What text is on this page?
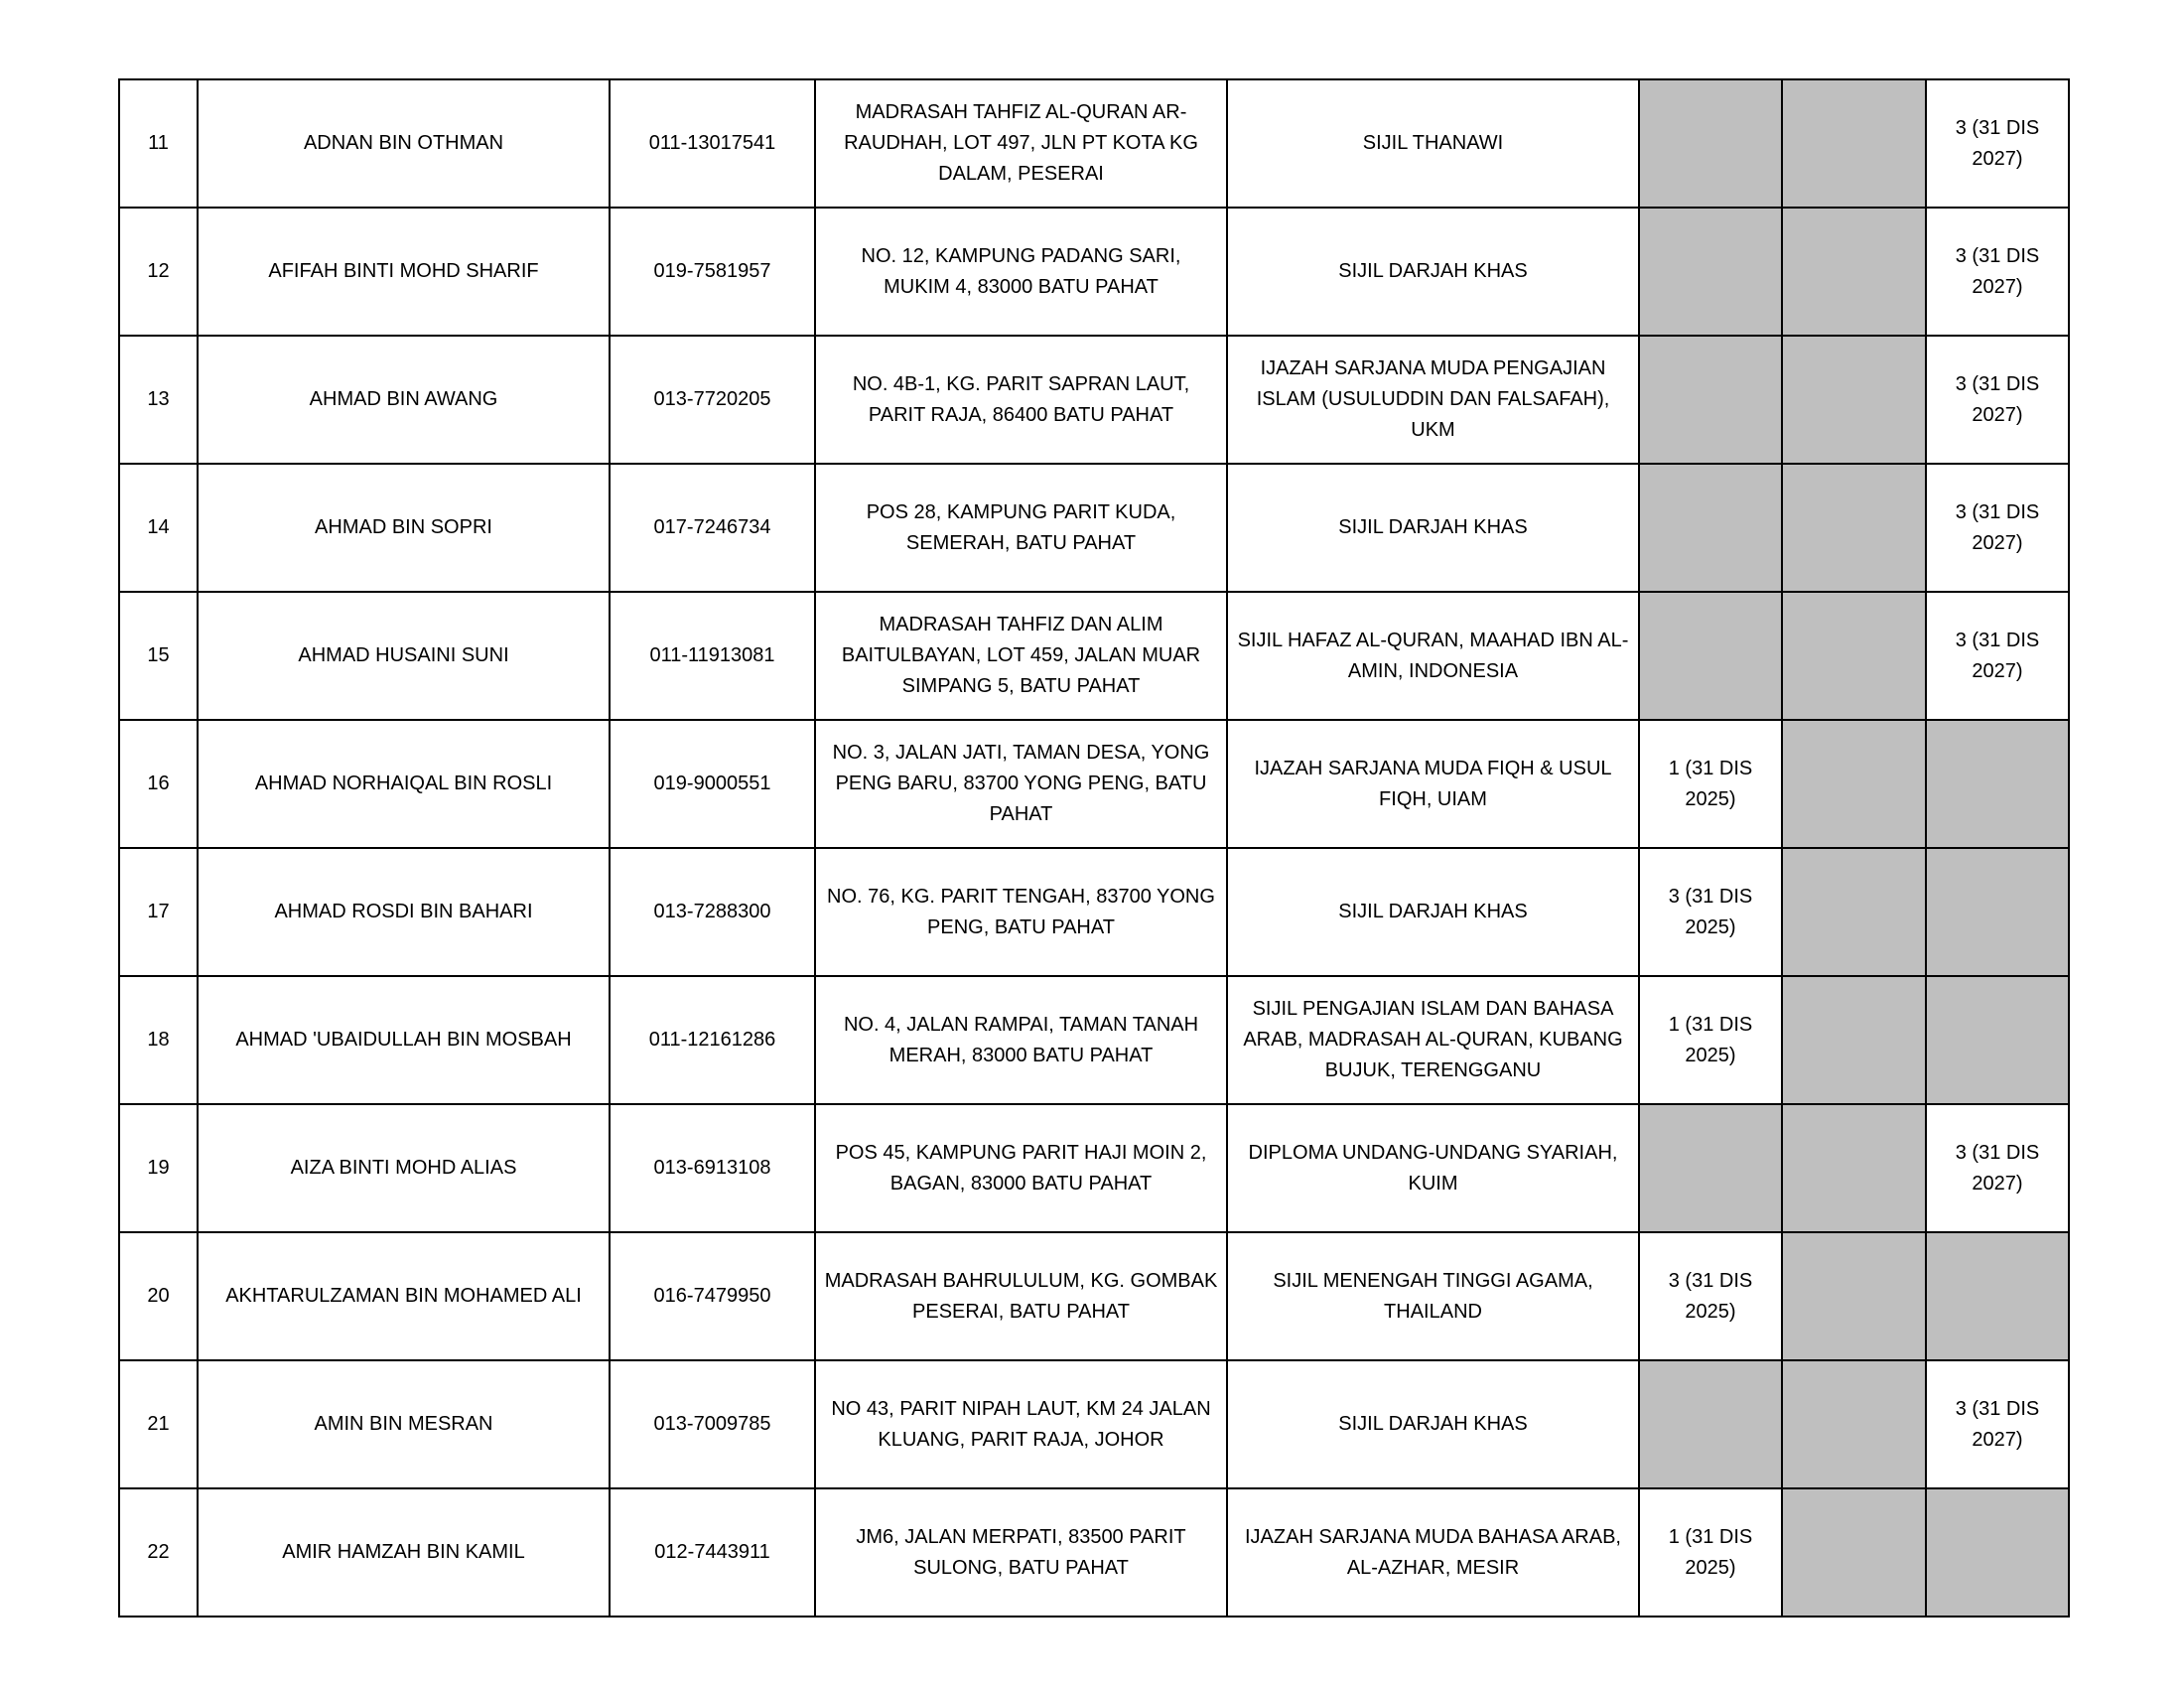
11	ADNAN BIN OTHMAN	011-13017541	MADRASAH TAHFIZ AL-QURAN AR-
RAUDHAH, LOT 497, JLN PT KOTA KG
DALAM, PESERAI	SIJIL THANAWI			3 (31 DIS
2027)

12	AFIFAH BINTI MOHD SHARIF	019-7581957	NO. 12, KAMPUNG PADANG SARI,
MUKIM 4, 83000 BATU PAHAT	SIJIL DARJAH KHAS			3 (31 DIS
2027)

13	AHMAD BIN AWANG	013-7720205	NO. 4B-1, KG. PARIT SAPRAN LAUT,
PARIT RAJA, 86400 BATU PAHAT	IJAZAH SARJANA MUDA PENGAJIAN
ISLAM (USULUDDIN DAN FALSAFAH),
UKM			3 (31 DIS
2027)

14	AHMAD BIN SOPRI	017-7246734	POS 28, KAMPUNG PARIT KUDA,
SEMERAH, BATU PAHAT	SIJIL DARJAH KHAS			3 (31 DIS
2027)

15	AHMAD HUSAINI SUNI	011-11913081	MADRASAH TAHFIZ DAN ALIM
BAITULBAYAN, LOT 459, JALAN MUAR
SIMPANG 5, BATU PAHAT	SIJIL HAFAZ AL-QURAN, MAAHAD IBN AL-
AMIN, INDONESIA			3 (31 DIS
2027)

16	AHMAD NORHAIQAL BIN ROSLI	019-9000551	NO. 3, JALAN JATI, TAMAN DESA, YONG
PENG BARU, 83700 YONG PENG, BATU
PAHAT	IJAZAH SARJANA MUDA FIQH & USUL
FIQH, UIAM	1 (31 DIS
2025)		

17	AHMAD ROSDI BIN BAHARI	013-7288300	NO. 76, KG. PARIT TENGAH, 83700 YONG
PENG, BATU PAHAT	SIJIL DARJAH KHAS	3 (31 DIS
2025)		

18	AHMAD 'UBAIDULLAH BIN MOSBAH	011-12161286	NO. 4, JALAN RAMPAI, TAMAN TANAH
MERAH, 83000 BATU PAHAT	SIJIL PENGAJIAN ISLAM DAN BAHASA
ARAB, MADRASAH AL-QURAN, KUBANG
BUJUK, TERENGGANU	1 (31 DIS
2025)		

19	AIZA BINTI MOHD ALIAS	013-6913108	POS 45, KAMPUNG PARIT HAJI MOIN 2,
BAGAN, 83000 BATU PAHAT	DIPLOMA UNDANG-UNDANG SYARIAH,
KUIM			3 (31 DIS
2027)

20	AKHTARULZAMAN BIN MOHAMED ALI	016-7479950	MADRASAH BAHRULULUM, KG. GOMBAK
PESERAI, BATU PAHAT	SIJIL MENENGAH TINGGI AGAMA,
THAILAND	3 (31 DIS
2025)		

21	AMIN BIN MESRAN	013-7009785	NO 43, PARIT NIPAH LAUT, KM 24 JALAN
KLUANG, PARIT RAJA, JOHOR	SIJIL DARJAH KHAS			3 (31 DIS
2027)

22	AMIR HAMZAH BIN KAMIL	012-7443911	JM6, JALAN MERPATI, 83500 PARIT
SULONG, BATU PAHAT	IJAZAH SARJANA MUDA BAHASA ARAB,
AL-AZHAR, MESIR	1 (31 DIS
2025)		
